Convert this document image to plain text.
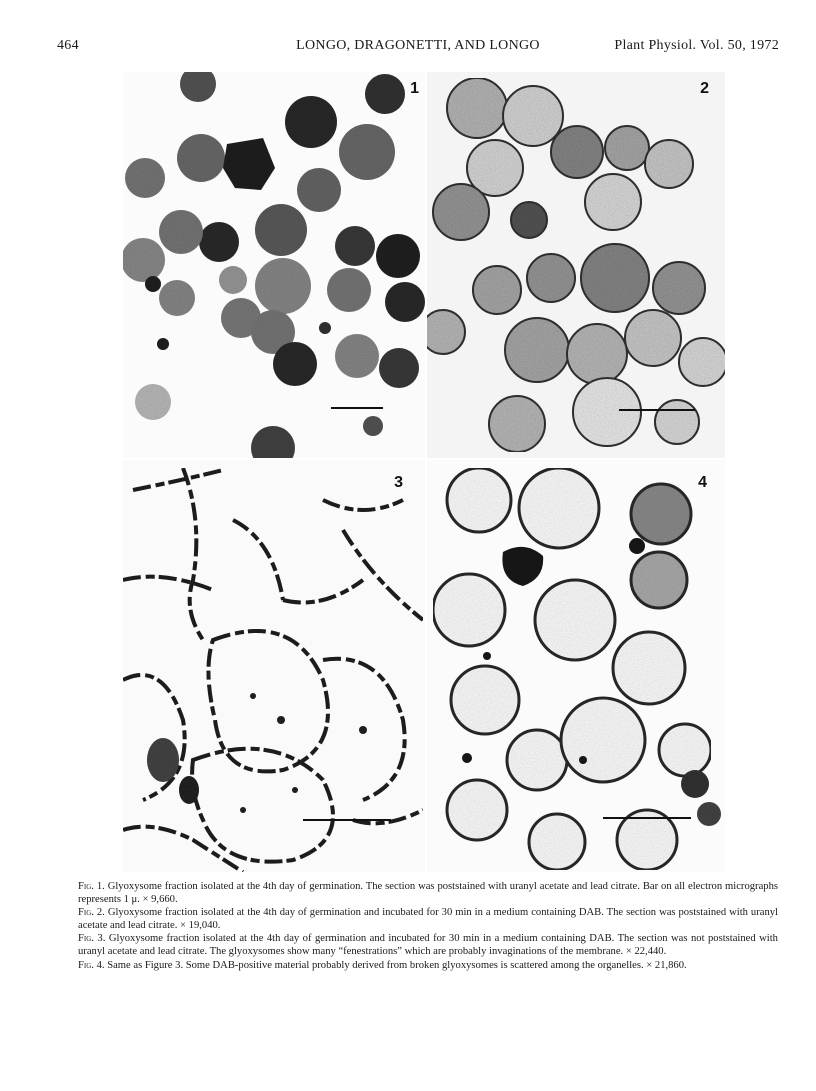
464	LONGO, DRAGONETTI, AND LONGO	Plant Physiol. Vol. 50, 1972
1	2
3	4

Fig. 1. Glyoxysome fraction isolated at the 4th day of germination. The section was poststained with uranyl acetate and lead citrate. Bar on all electron micrographs represents 1 μ. × 9,660.

Fig. 2. Glyoxysome fraction isolated at the 4th day of germination and incubated for 30 min in a medium containing DAB. The section was poststained with uranyl acetate and lead citrate. × 19,040.

Fig. 3. Glyoxysome fraction isolated at the 4th day of germination and incubated for 30 min in a medium containing DAB. The section was not poststained with uranyl acetate and lead citrate. The glyoxysomes show many “fenestrations” which are probably invaginations of the membrane. × 22,440.

Fig. 4. Same as Figure 3. Some DAB-positive material probably derived from broken glyoxysomes is scattered among the organelles. × 21,860.
